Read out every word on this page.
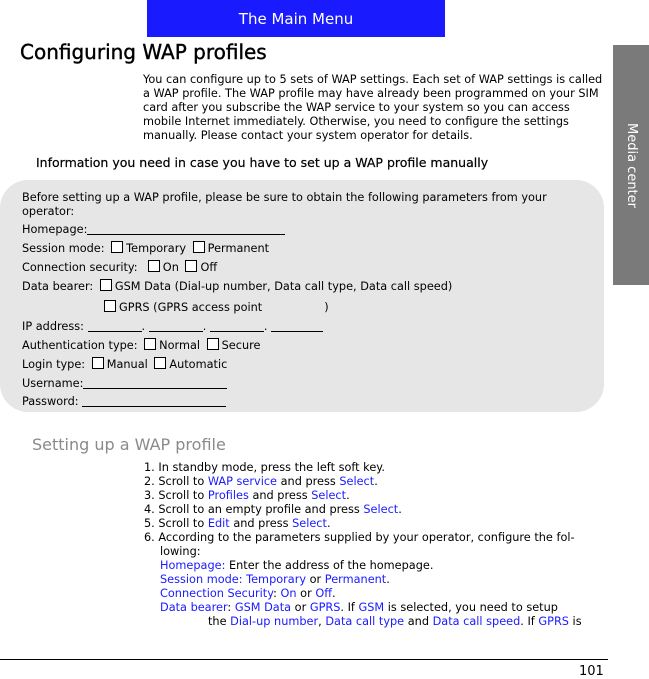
The Main Menu
Media center
Configuring WAP profiles
You can configure up to 5 sets of WAP settings. Each set of WAP settings is called a WAP profile. The WAP profile may have already been programmed on your SIM card after you subscribe the WAP service to your system so you can access mobile Internet immediately. Otherwise, you need to configure the settings manually. Please contact your system operator for details.
Information you need in case you have to set up a WAP profile manually
Before setting up a WAP profile, please be sure to obtain the following parameters from your operator:
Homepage:
Session mode: Temporary Permanent
Connection security: On Off
Data bearer: GSM Data (Dial-up number, Data call type, Data call speed)
GPRS (GPRS access point	)
IP address:	.	.	.
Authentication type: Normal Secure
Login type: Manual Automatic
Username:
Password:
Setting up a WAP profile
1. In standby mode, press the left soft key.
2. Scroll to WAP service and press Select.
3. Scroll to Profiles and press Select.
4. Scroll to an empty profile and press Select.
5. Scroll to Edit and press Select.
6. According to the parameters supplied by your operator, configure the fol-
lowing:
Homepage: Enter the address of the homepage.
Session mode: Temporary or Permanent.
Connection Security: On or Off.
Data bearer: GSM Data or GPRS. If GSM is selected, you need to setup
the Dial-up number, Data call type and Data call speed. If GPRS is
101
